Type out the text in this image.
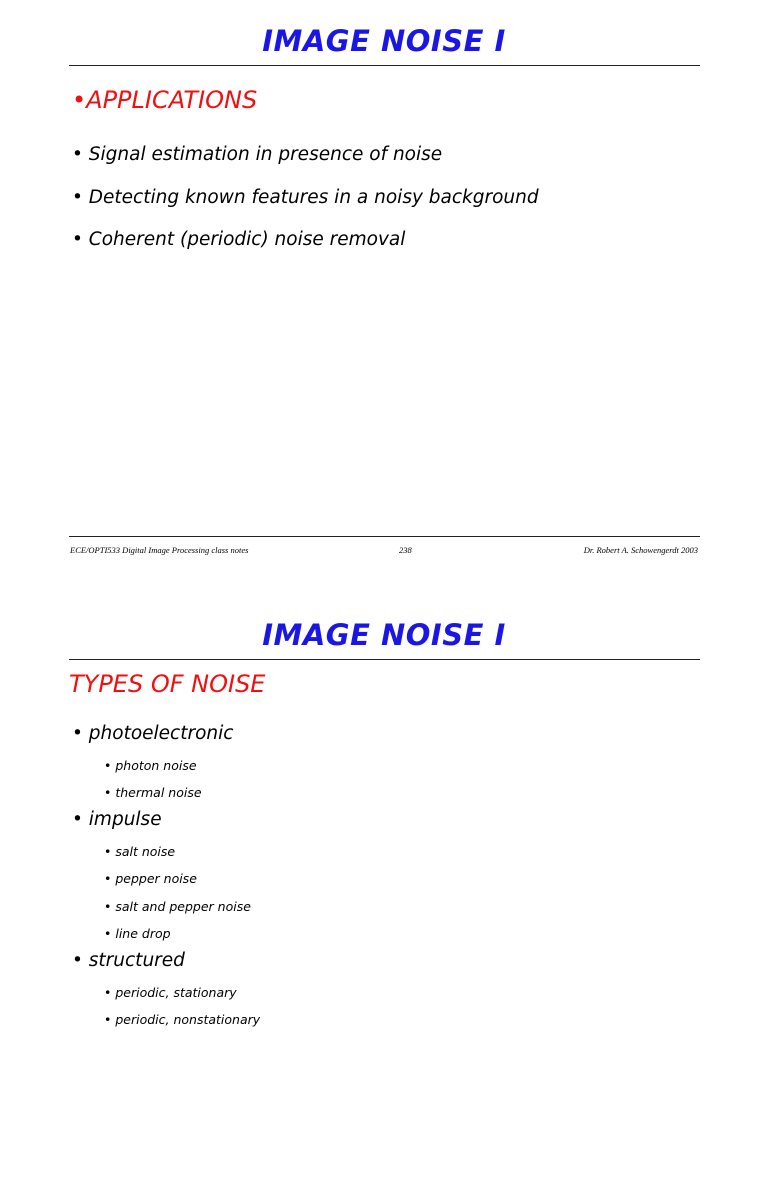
IMAGE NOISE I
•APPLICATIONS
• Signal estimation in presence of noise
• Detecting known features in a noisy background
• Coherent (periodic) noise removal
ECE/OPTI533 Digital Image Processing class notes	238	Dr. Robert A. Schowengerdt 2003
IMAGE NOISE I
TYPES OF NOISE
• photoelectronic
• photon noise
• thermal noise
• impulse
• salt noise
• pepper noise
• salt and pepper noise
• line drop
• structured
• periodic, stationary
• periodic, nonstationary
